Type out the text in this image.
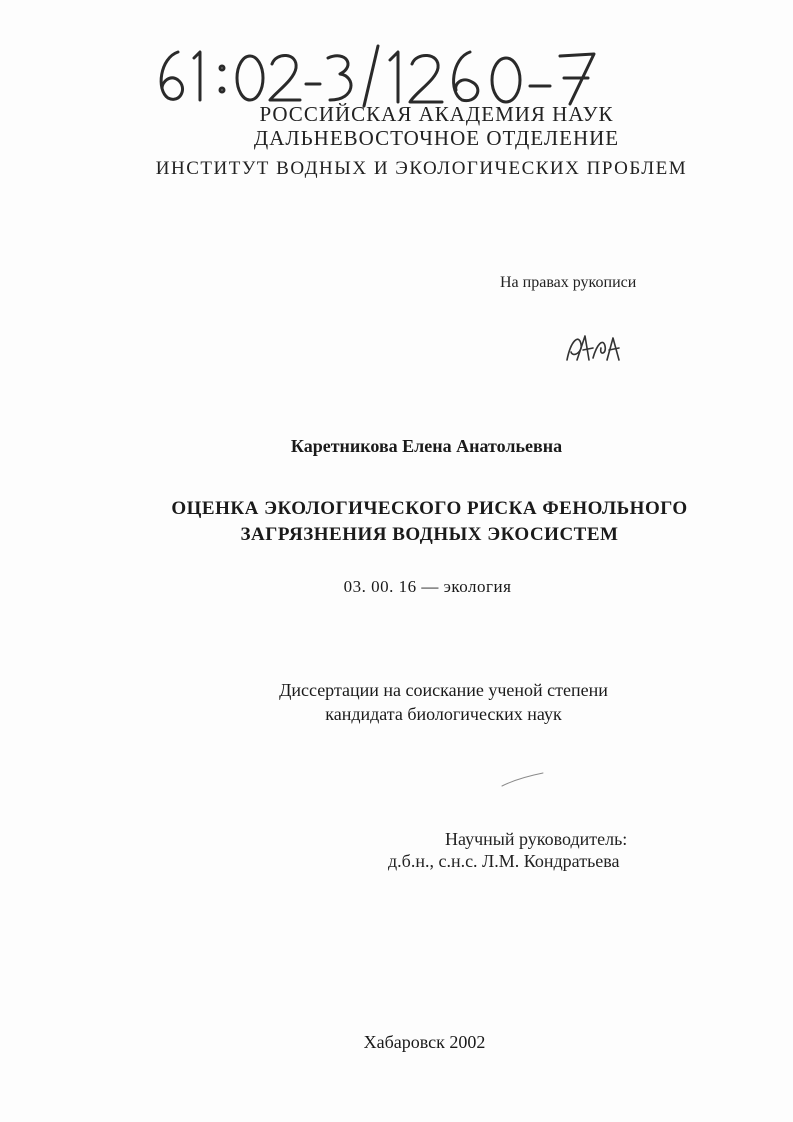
РОССИЙСКАЯ АКАДЕМИЯ НАУК
ДАЛЬНЕВОСТОЧНОЕ ОТДЕЛЕНИЕ
ИНСТИТУТ ВОДНЫХ И ЭКОЛОГИЧЕСКИХ ПРОБЛЕМ
На правах рукописи
Каретникова Елена Анатольевна
ОЦЕНКА ЭКОЛОГИЧЕСКОГО РИСКА ФЕНОЛЬНОГО
ЗАГРЯЗНЕНИЯ ВОДНЫХ ЭКОСИСТЕМ
03. 00. 16 — экология
Диссертации на соискание ученой степени
кандидата биологических наук
Научный руководитель:
д.б.н., с.н.с. Л.М. Кондратьева
Хабаровск 2002
